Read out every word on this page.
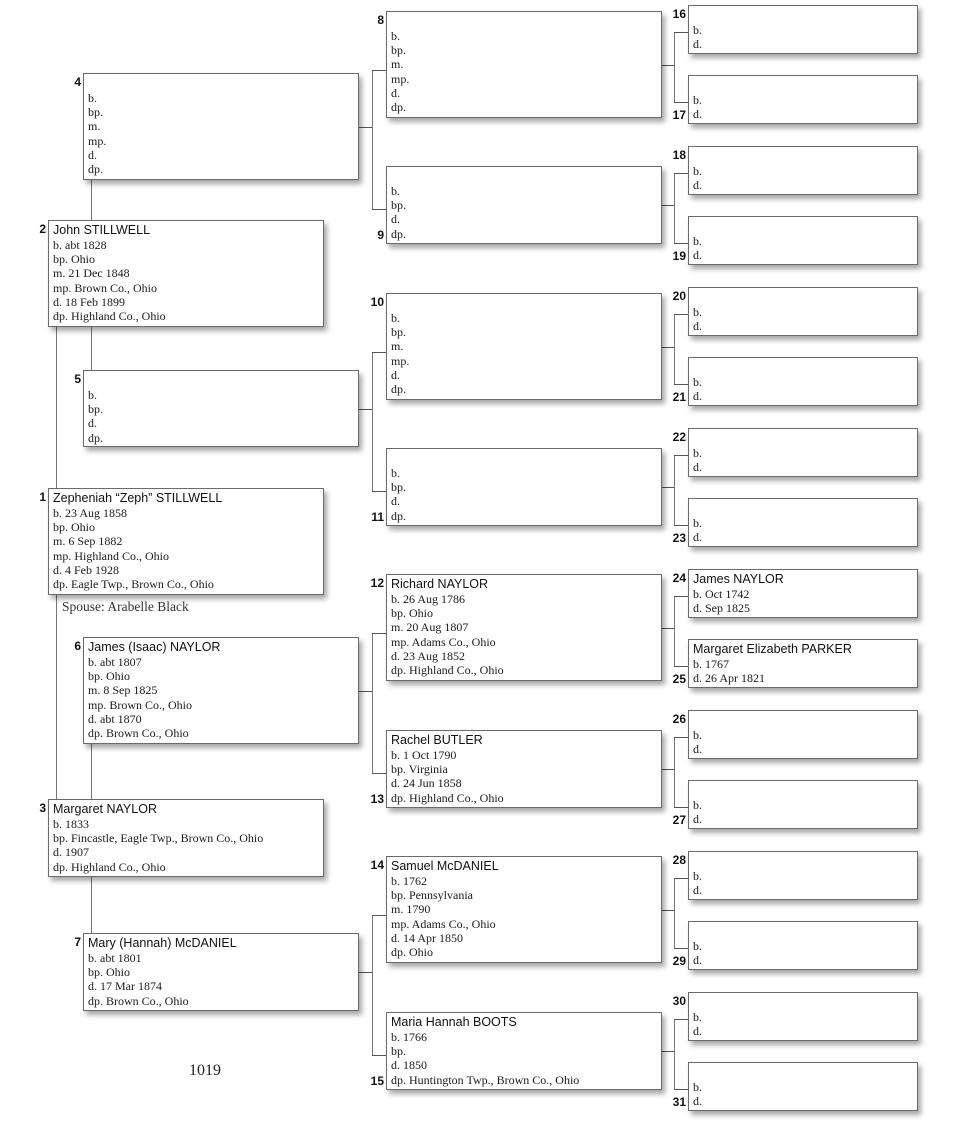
Zepheniah “Zeph” STILLWELL
b. 23 Aug 1858
bp. Ohio
m. 6 Sep 1882
mp. Highland Co., Ohio
d. 4 Feb 1928
dp. Eagle Twp., Brown Co., Ohio
1
John STILLWELL
b. abt 1828
bp. Ohio
m. 21 Dec 1848
mp. Brown Co., Ohio
d. 18 Feb 1899
dp. Highland Co., Ohio
2
Margaret NAYLOR
b. 1833
bp. Fincastle, Eagle Twp., Brown Co., Ohio
d. 1907
dp. Highland Co., Ohio
3
b.
bp.
m.
mp.
d.
dp.
4
b.
bp.
d.
dp.
5
James (Isaac) NAYLOR
b. abt 1807
bp. Ohio
m. 8 Sep 1825
mp. Brown Co., Ohio
d. abt 1870
dp. Brown Co., Ohio
6
Mary (Hannah) McDANIEL
b. abt 1801
bp. Ohio
d. 17 Mar 1874
dp. Brown Co., Ohio
7
b.
bp.
m.
mp.
d.
dp.
8
b.
bp.
d.
dp.
9
b.
bp.
m.
mp.
d.
dp.
10
b.
bp.
d.
dp.
11
Richard NAYLOR
b. 26 Aug 1786
bp. Ohio
m. 20 Aug 1807
mp. Adams Co., Ohio
d. 23 Aug 1852
dp. Highland Co., Ohio
12
Rachel BUTLER
b. 1 Oct 1790
bp. Virginia
d. 24 Jun 1858
dp. Highland Co., Ohio
13
Samuel McDANIEL
b. 1762
bp. Pennsylvania
m. 1790
mp. Adams Co., Ohio
d. 14 Apr 1850
dp. Ohio
14
Maria Hannah BOOTS
b. 1766
bp.
d. 1850
dp. Huntington Twp., Brown Co., Ohio
15
b.
d.
16
b.
d.
17
b.
d.
18
b.
d.
19
b.
d.
20
b.
d.
21
b.
d.
22
b.
d.
23
James NAYLOR
b. Oct 1742
d. Sep 1825
24
Margaret Elizabeth PARKER
b. 1767
d. 26 Apr 1821
25
b.
d.
26
b.
d.
27
b.
d.
28
b.
d.
29
b.
d.
30
b.
d.
31
Spouse: Arabelle Black
1019
